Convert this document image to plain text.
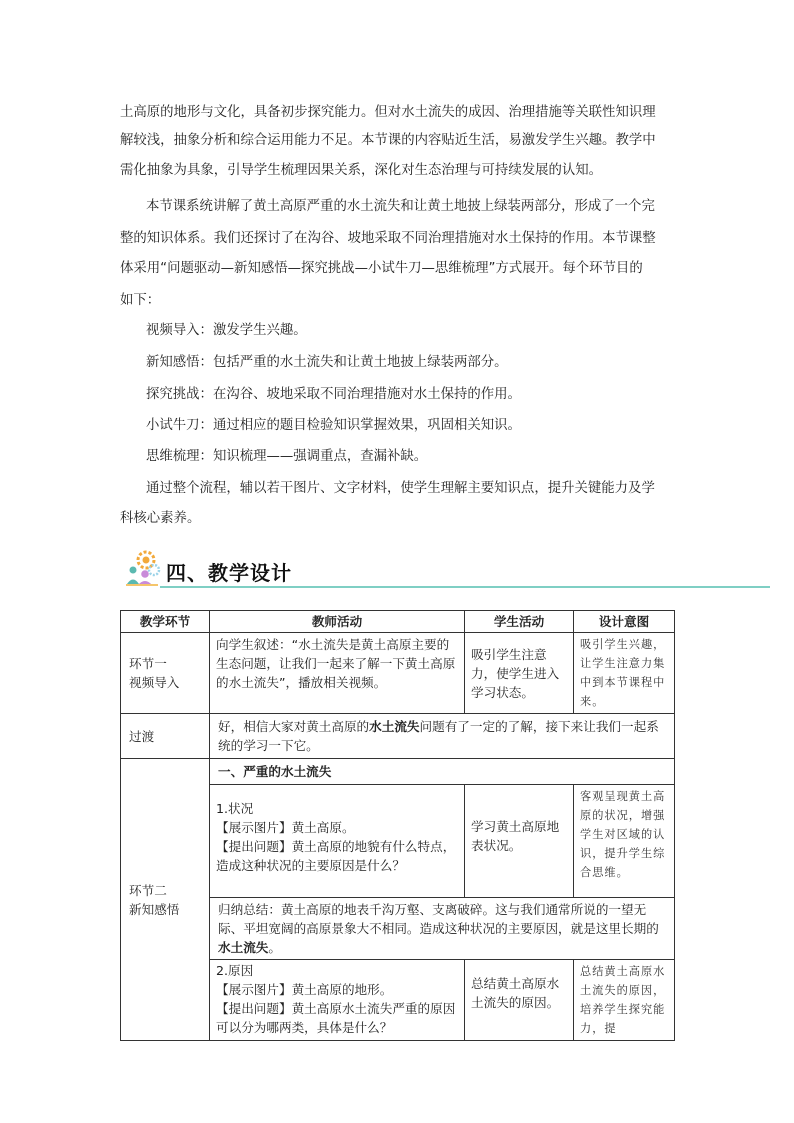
土高原的地形与文化，具备初步探究能力。但对水土流失的成因、治理措施等关联性知识理
解较浅，抽象分析和综合运用能力不足。本节课的内容贴近生活，易激发学生兴趣。教学中
需化抽象为具象，引导学生梳理因果关系，深化对生态治理与可持续发展的认知。
本节课系统讲解了黄土高原严重的水土流失和让黄土地披上绿装两部分，形成了一个完
整的知识体系。我们还探讨了在沟谷、坡地采取不同治理措施对水土保持的作用。本节课整
体采用“问题驱动—新知感悟—探究挑战—小试牛刀—思维梳理”方式展开。每个环节目的
如下：
视频导入：激发学生兴趣。
新知感悟：包括严重的水土流失和让黄土地披上绿装两部分。
探究挑战：在沟谷、坡地采取不同治理措施对水土保持的作用。
小试牛刀：通过相应的题目检验知识掌握效果，巩固相关知识。
思维梳理：知识梳理——强调重点，查漏补缺。
通过整个流程，辅以若干图片、文字材料，使学生理解主要知识点，提升关键能力及学
科核心素养。
四、教学设计
教学环节	教师活动	学生活动	设计意图

环节一
视频导入	向学生叙述：“水土流失是黄土高原主要的生态问题，让我们一起来了解一下黄土高原的水土流失”，播放相关视频。	吸引学生注意力，使学生进入学习状态。	吸引学生兴趣，让学生注意力集中到本节课程中来。
过渡	好，相信大家对黄土高原的水土流失问题有了一定的了解，接下来让我们一起系统的学习一下它。		

环节二
新知感悟	一、严重的水土流失		

	1.状况
【展示图片】黄土高原。
【提出问题】黄土高原的地貌有什么特点，造成这种状况的主要原因是什么？	学习黄土高原地表状况。	客观呈现黄土高原的状况，增强学生对区域的认识，提升学生综合思维。
	归纳总结：黄土高原的地表千沟万壑、支离破碎。这与我们通常所说的一望无际、平坦宽阔的高原景象大不相同。造成这种状况的主要原因，就是这里长期的水土流失。		

	2.原因
【展示图片】黄土高原的地形。
【提出问题】黄土高原水土流失严重的原因可以分为哪两类，具体是什么？	总结黄土高原水土流失的原因。	总结黄土高原水土流失的原因，培养学生探究能力，提
